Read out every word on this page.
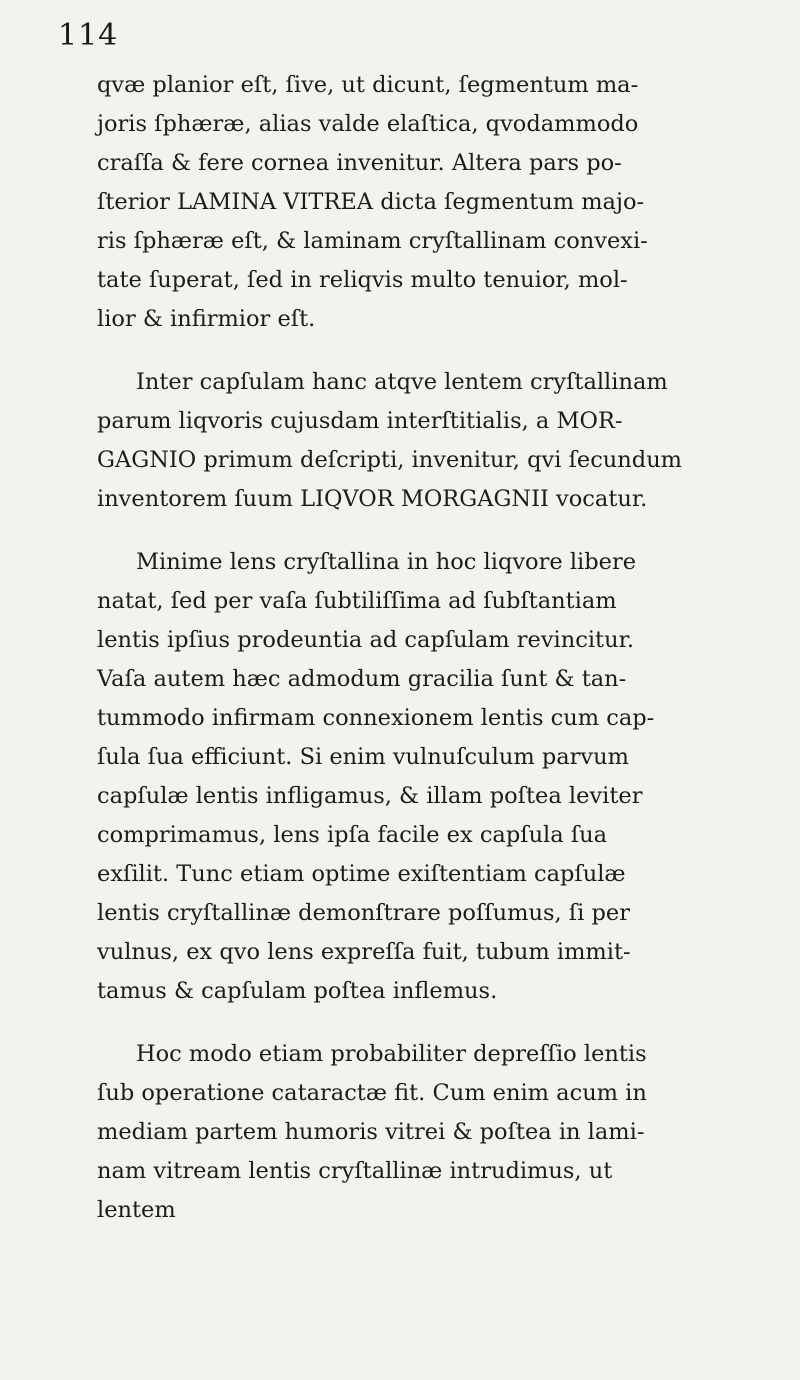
114
qvæ planior eſt, ſive, ut dicunt, ſegmentum ma-
joris ſphæræ, alias valde elaſtica, qvodammodo
craſſa & fere cornea invenitur. Altera pars po-
ſterior LAMINA VITREA dicta ſegmentum majo-
ris ſphæræ eſt, & laminam cryſtallinam convexi-
tate ſuperat, ſed in reliqvis multo tenuior, mol-
lior & infirmior eſt.
Inter capſulam hanc atqve lentem cryſtallinam
parum liqvoris cujusdam interſtitialis, a MOR-
GAGNIO primum deſcripti, invenitur, qvi ſecundum
inventorem ſuum LIQVOR MORGAGNII vocatur.
Minime lens cryſtallina in hoc liqvore libere
natat, ſed per vaſa ſubtiliſſima ad ſubſtantiam
lentis ipſius prodeuntia ad capſulam revincitur.
Vaſa autem hæc admodum gracilia ſunt & tan-
tummodo infirmam connexionem lentis cum cap-
ſula ſua efficiunt. Si enim vulnuſculum parvum
capſulæ lentis infligamus, & illam poſtea leviter
comprimamus, lens ipſa facile ex capſula ſua
exſilit. Tunc etiam optime exiſtentiam capſulæ
lentis cryſtallinæ demonſtrare poſſumus, ſi per
vulnus, ex qvo lens expreſſa fuit, tubum immit-
tamus & capſulam poſtea inflemus.
Hoc modo etiam probabiliter depreſſio lentis
ſub operatione cataractæ fit. Cum enim acum in
mediam partem humoris vitrei & poſtea in lami-
nam vitream lentis cryſtallinæ intrudimus, ut
lentem
